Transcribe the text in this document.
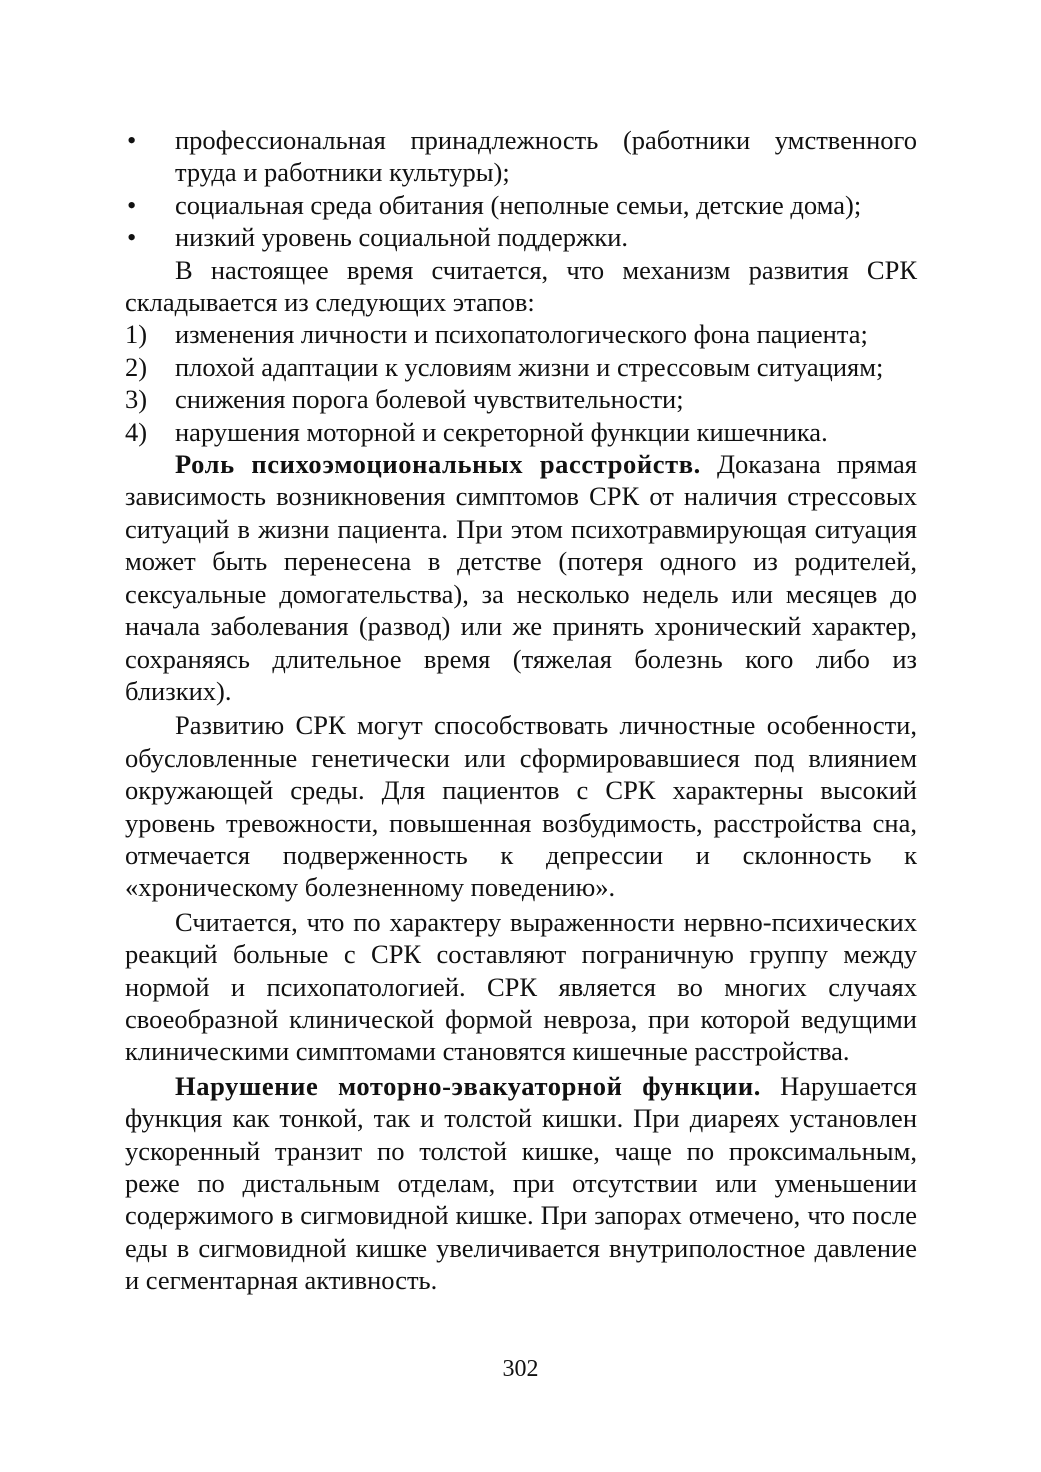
• профессиональная принадлежность (работники умственного труда и работники культуры);
• социальная среда обитания (неполные семьи, детские дома);
• низкий уровень социальной поддержки.

В настоящее время считается, что механизм развития СРК складывается из следующих этапов:

1) изменения личности и психопатологического фона пациента;
2) плохой адаптации к условиям жизни и стрессовым ситуациям;
3) снижения порога болевой чувствительности;
4) нарушения моторной и секреторной функции кишечника.

Роль психоэмоциональных расстройств. Доказана прямая зависимость возникновения симптомов СРК от наличия стрессовых ситуаций в жизни пациента. При этом психотравмирующая ситуация может быть перенесена в детстве (потеря одного из родителей, сексуальные домогательства), за несколько недель или месяцев до начала заболевания (развод) или же принять хронический характер, сохраняясь длительное время (тяжелая болезнь кого либо из близких).

Развитию СРК могут способствовать личностные особенности, обусловленные генетически или сформировавшиеся под влиянием окружающей среды. Для пациентов с СРК характерны высокий уровень тревожности, повышенная возбудимость, расстройства сна, отмечается подверженность к депрессии и склонность к «хроническому болезненному поведению».

Считается, что по характеру выраженности нервно-психических реакций больные с СРК составляют пограничную группу между нормой и психопатологией. СРК является во многих случаях своеобразной клинической формой невроза, при которой ведущими клиническими симптомами становятся кишечные расстройства.

Нарушение моторно-эвакуаторной функции. Нарушается функция как тонкой, так и толстой кишки. При диареях установлен ускоренный транзит по толстой кишке, чаще по проксимальным, реже по дистальным отделам, при отсутствии или уменьшении содержимого в сигмовидной кишке. При запорах отмечено, что после еды в сигмовидной кишке увеличивается внутриполостное давление и сегментарная активность.

302
